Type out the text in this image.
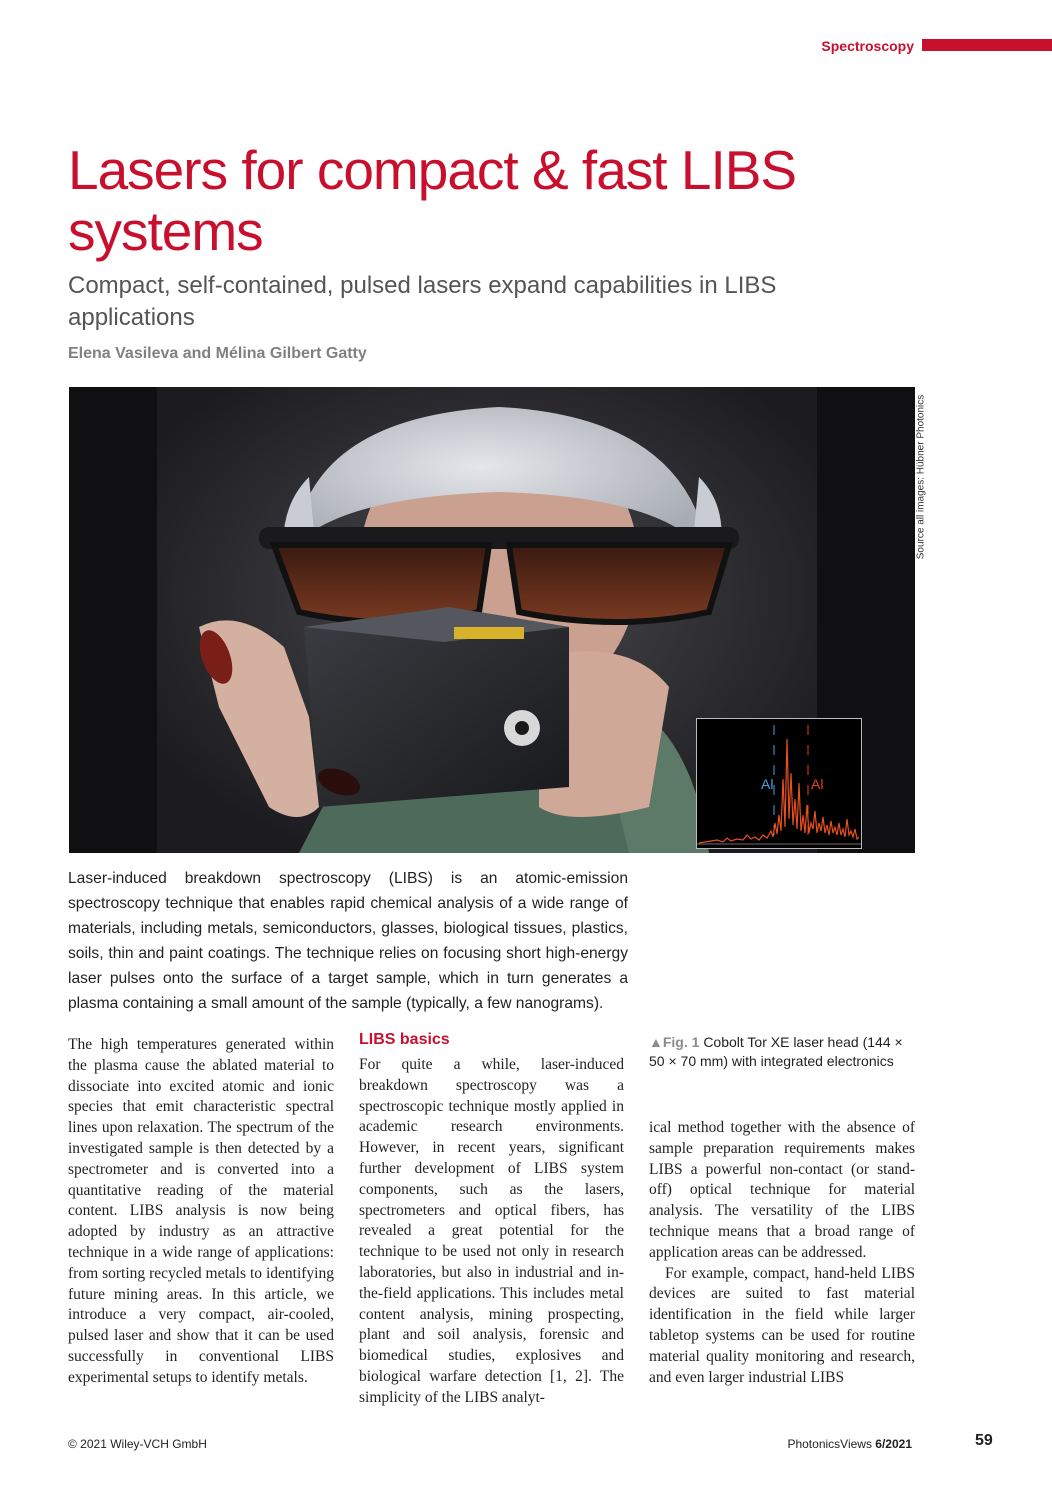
Spectroscopy
Lasers for compact & fast LIBS systems
Compact, self-contained, pulsed lasers expand capabilities in LIBS applications
Elena Vasileva and Mélina Gilbert Gatty
Source all images: Hübner Photonics
Al	Al
Laser-induced breakdown spectroscopy (LIBS) is an atomic-emission spectroscopy technique that enables rapid chemical analysis of a wide range of materials, including metals, semiconductors, glasses, biological tissues, plastics, soils, thin and paint coatings. The technique relies on focusing short high-energy laser pulses onto the surface of a target sample, which in turn generates a plasma containing a small amount of the sample (typically, a few nanograms).
The high temperatures generated within the plasma cause the ablated material to dissociate into excited atomic and ionic species that emit characteristic spectral lines upon relaxation. The spectrum of the investigated sample is then detected by a spectrometer and is converted into a quantitative reading of the material content. LIBS analysis is now being adopted by industry as an attractive technique in a wide range of applications: from sorting recycled metals to identifying future mining areas. In this article, we introduce a very compact, air-cooled, pulsed laser and show that it can be used successfully in conventional LIBS experimental setups to identify metals.
LIBS basics
For quite a while, laser-induced breakdown spectroscopy was a spectroscopic technique mostly applied in academic research environments. However, in recent years, significant further development of LIBS system components, such as the lasers, spectrometers and optical fibers, has revealed a great potential for the technique to be used not only in research laboratories, but also in industrial and in-the-field applications. This includes metal content analysis, mining prospecting, plant and soil analysis, forensic and biomedical studies, explosives and biological warfare detection [1, 2]. The simplicity of the LIBS analyt-
▲Fig. 1 Cobolt Tor XE laser head (144 × 50 × 70 mm) with integrated electronics

ical method together with the absence of sample preparation requirements makes LIBS a powerful non-contact (or stand-off) optical technique for material analysis. The versatility of the LIBS technique means that a broad range of application areas can be addressed.

For example, compact, hand-held LIBS devices are suited to fast material identification in the field while larger tabletop systems can be used for routine material quality monitoring and research, and even larger industrial LIBS

© 2021 Wiley-VCH GmbH	PhotonicsViews 6/2021	59
